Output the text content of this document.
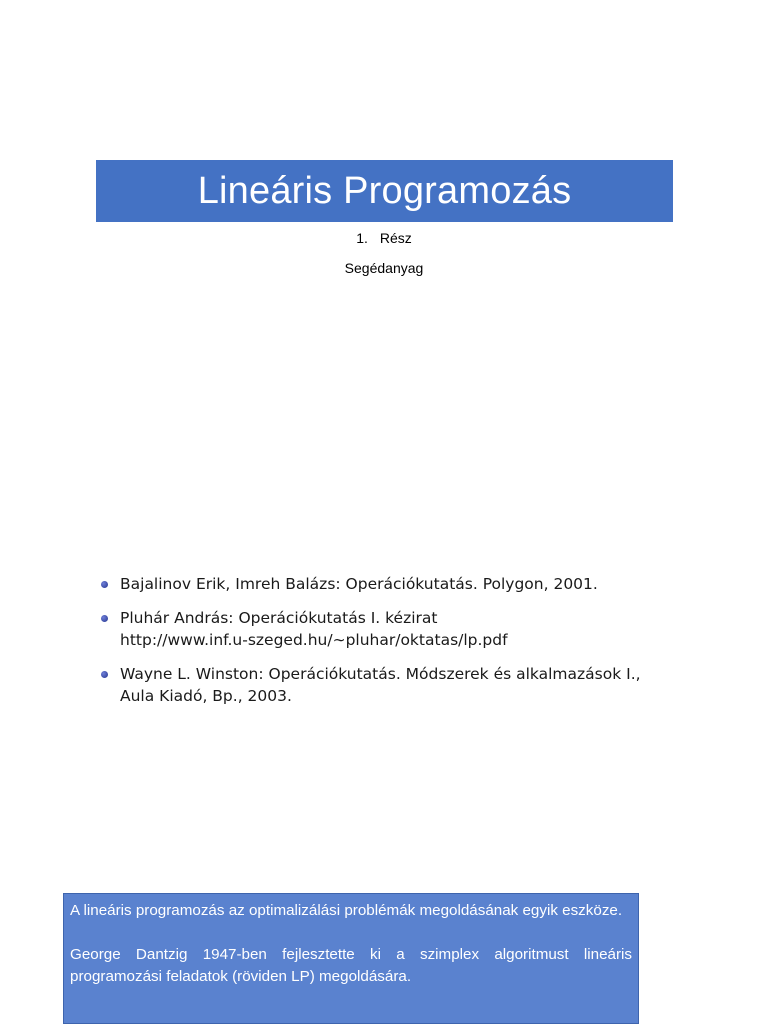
Lineáris Programozás
1. Rész
Segédanyag
Bajalinov Erik, Imreh Balázs: Operációkutatás. Polygon, 2001.
Pluhár András: Operációkutatás I. kézirat
http://www.inf.u-szeged.hu/∼pluhar/oktatas/lp.pdf
Wayne L. Winston: Operációkutatás. Módszerek és alkalmazások I.,
Aula Kiadó, Bp., 2003.

A lineáris programozás az optimalizálási problémák megoldásának egyik eszköze.

George Dantzig 1947-ben fejlesztette ki a szimplex algoritmust lineáris programozási feladatok (röviden LP) megoldására.
